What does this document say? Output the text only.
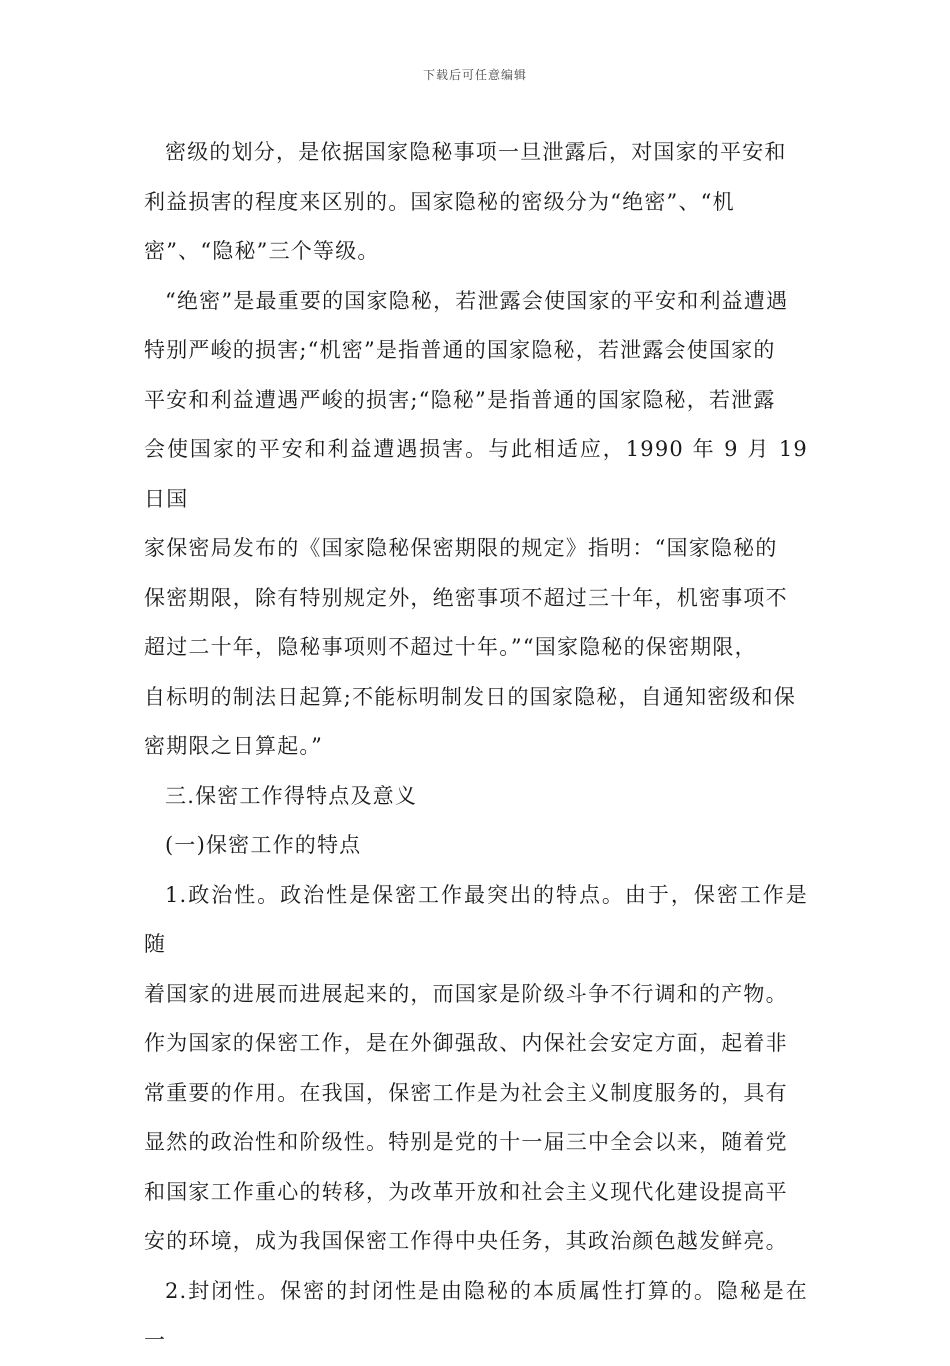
下载后可任意编辑
密级的划分，是依据国家隐秘事项一旦泄露后，对国家的平安和
利益损害的程度来区别的。国家隐秘的密级分为“绝密”、“机
密”、“隐秘”三个等级。
“绝密”是最重要的国家隐秘，若泄露会使国家的平安和利益遭遇
特别严峻的损害;“机密”是指普通的国家隐秘，若泄露会使国家的
平安和利益遭遇严峻的损害;“隐秘”是指普通的国家隐秘，若泄露
会使国家的平安和利益遭遇损害。与此相适应，1990 年 9 月 19 日国
家保密局发布的《国家隐秘保密期限的规定》指明：“国家隐秘的
保密期限，除有特别规定外，绝密事项不超过三十年，机密事项不
超过二十年，隐秘事项则不超过十年。”“国家隐秘的保密期限，
自标明的制法日起算;不能标明制发日的国家隐秘，自通知密级和保
密期限之日算起。”
三.保密工作得特点及意义
(一)保密工作的特点
1.政治性。政治性是保密工作最突出的特点。由于，保密工作是随
着国家的进展而进展起来的，而国家是阶级斗争不行调和的产物。
作为国家的保密工作，是在外御强敌、内保社会安定方面，起着非
常重要的作用。在我国，保密工作是为社会主义制度服务的，具有
显然的政治性和阶级性。特别是党的十一届三中全会以来，随着党
和国家工作重心的转移，为改革开放和社会主义现代化建设提高平
安的环境，成为我国保密工作得中央任务，其政治颜色越发鲜亮。
2.封闭性。保密的封闭性是由隐秘的本质属性打算的。隐秘是在一
